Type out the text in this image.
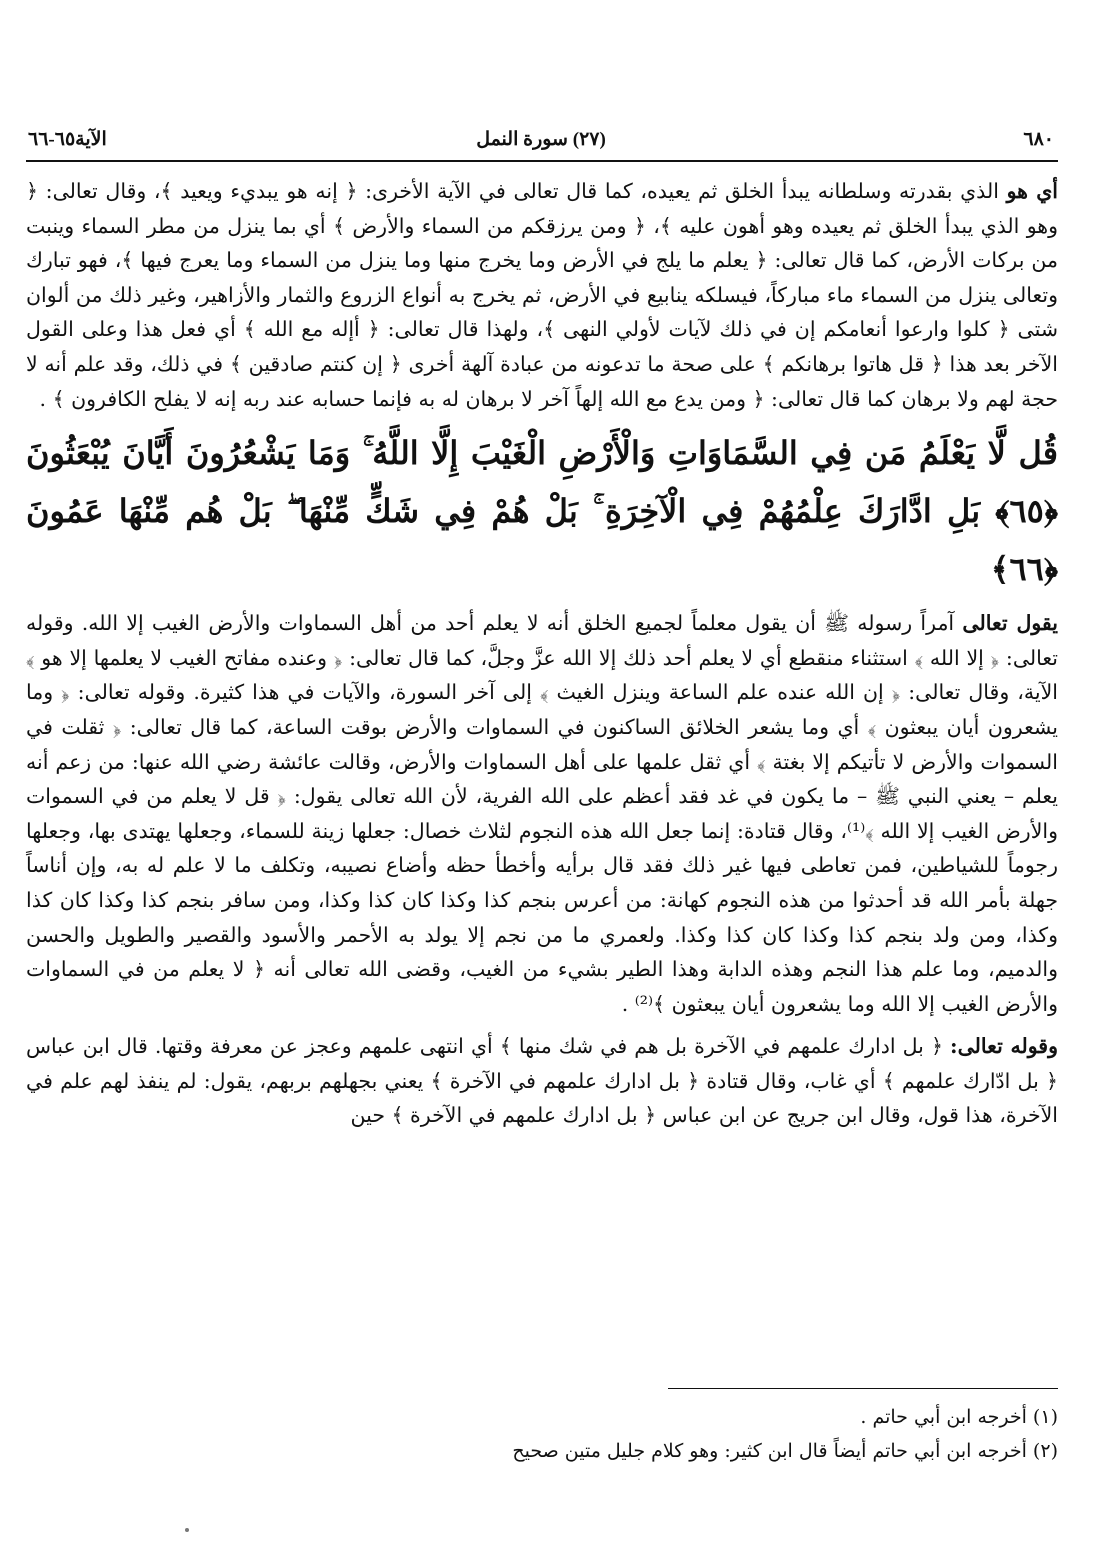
٦٨٠
(٢٧) سورة النمل
الآية٦٥-٦٦

أي هو الذي بقدرته وسلطانه يبدأ الخلق ثم يعيده، كما قال تعالى في الآية الأخرى: ﴿ إنه هو يبديء ويعيد ﴾، وقال تعالى: ﴿ وهو الذي يبدأ الخلق ثم يعيده وهو أهون عليه ﴾، ﴿ ومن يرزقكم من السماء والأرض ﴾ أي بما ينزل من مطر السماء وينبت من بركات الأرض، كما قال تعالى: ﴿ يعلم ما يلج في الأرض وما يخرج منها وما ينزل من السماء وما يعرج فيها ﴾، فهو تبارك وتعالى ينزل من السماء ماء مباركاً، فيسلكه ينابيع في الأرض، ثم يخرج به أنواع الزروع والثمار والأزاهير، وغير ذلك من ألوان شتى ﴿ كلوا وارعوا أنعامكم إن في ذلك لآيات لأولي النهى ﴾، ولهذا قال تعالى: ﴿ أإله مع الله ﴾ أي فعل هذا وعلى القول الآخر بعد هذا ﴿ قل هاتوا برهانكم ﴾ على صحة ما تدعونه من عبادة آلهة أخرى ﴿ إن كنتم صادقين ﴾ في ذلك، وقد علم أنه لا حجة لهم ولا برهان كما قال تعالى: ﴿ ومن يدع مع الله إلهاً آخر لا برهان له به فإنما حسابه عند ربه إنه لا يفلح الكافرون ﴾ .

قُل لَّا يَعْلَمُ مَن فِي السَّمَاوَاتِ وَالْأَرْضِ الْغَيْبَ إِلَّا اللَّهُ ۚ وَمَا يَشْعُرُونَ أَيَّانَ يُبْعَثُونَ ﴿٦٥﴾ بَلِ ادَّارَكَ عِلْمُهُمْ فِي الْآخِرَةِ ۚ بَلْ هُمْ فِي شَكٍّ مِّنْهَا ۖ بَلْ هُم مِّنْهَا عَمُونَ ﴿٦٦﴾

يقول تعالى آمراً رسوله ﷺ أن يقول معلماً لجميع الخلق أنه لا يعلم أحد من أهل السماوات والأرض الغيب إلا الله. وقوله تعالى: ﴿ إلا الله ﴾ استثناء منقطع أي لا يعلم أحد ذلك إلا الله عزَّ وجلَّ، كما قال تعالى: ﴿ وعنده مفاتح الغيب لا يعلمها إلا هو ﴾ الآية، وقال تعالى: ﴿ إن الله عنده علم الساعة وينزل الغيث ﴾ إلى آخر السورة، والآيات في هذا كثيرة. وقوله تعالى: ﴿ وما يشعرون أيان يبعثون ﴾ أي وما يشعر الخلائق الساكنون في السماوات والأرض بوقت الساعة، كما قال تعالى: ﴿ ثقلت في السموات والأرض لا تأتيكم إلا بغتة ﴾ أي ثقل علمها على أهل السماوات والأرض، وقالت عائشة رضي الله عنها: من زعم أنه يعلم – يعني النبي ﷺ – ما يكون في غد فقد أعظم على الله الفرية، لأن الله تعالى يقول: ﴿ قل لا يعلم من في السموات والأرض الغيب إلا الله ﴾⁽¹⁾، وقال قتادة: إنما جعل الله هذه النجوم لثلاث خصال: جعلها زينة للسماء، وجعلها يهتدى بها، وجعلها رجوماً للشياطين، فمن تعاطى فيها غير ذلك فقد قال برأيه وأخطأ حظه وأضاع نصيبه، وتكلف ما لا علم له به، وإن أناساً جهلة بأمر الله قد أحدثوا من هذه النجوم كهانة: من أعرس بنجم كذا وكذا كان كذا وكذا، ومن سافر بنجم كذا وكذا كان كذا وكذا، ومن ولد بنجم كذا وكذا كان كذا وكذا. ولعمري ما من نجم إلا يولد به الأحمر والأسود والقصير والطويل والحسن والدميم، وما علم هذا النجم وهذه الدابة وهذا الطير بشيء من الغيب، وقضى الله تعالى أنه ﴿ لا يعلم من في السماوات والأرض الغيب إلا الله وما يشعرون أيان يبعثون ﴾⁽²⁾ .

وقوله تعالى: ﴿ بل ادارك علمهم في الآخرة بل هم في شك منها ﴾ أي انتهى علمهم وعجز عن معرفة وقتها. قال ابن عباس ﴿ بل ادّارك علمهم ﴾ أي غاب، وقال قتادة ﴿ بل ادارك علمهم في الآخرة ﴾ يعني بجهلهم بربهم، يقول: لم ينفذ لهم علم في الآخرة، هذا قول، وقال ابن جريج عن ابن عباس ﴿ بل ادارك علمهم في الآخرة ﴾ حين

(١) أخرجه ابن أبي حاتم .
(٢) أخرجه ابن أبي حاتم أيضاً قال ابن كثير: وهو كلام جليل متين صحيح
